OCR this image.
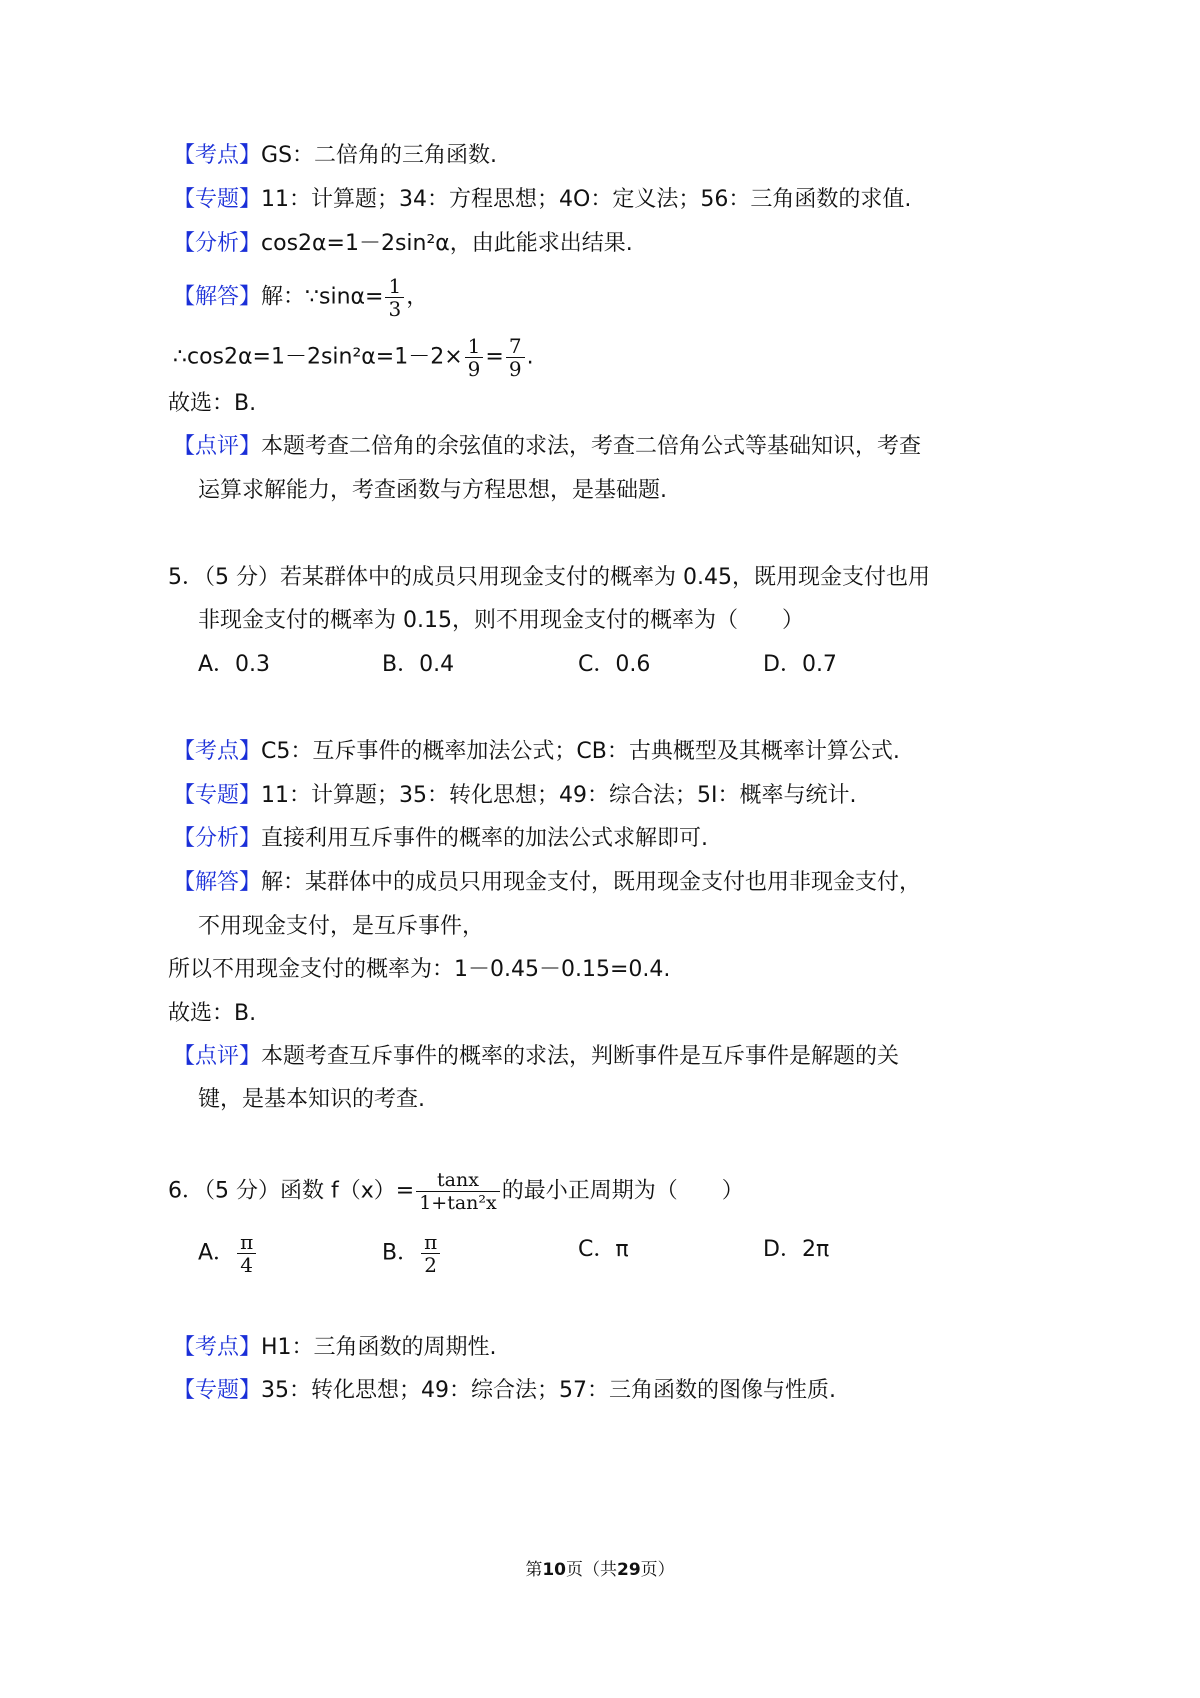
【考点】GS：二倍角的三角函数.
【专题】11：计算题；34：方程思想；4O：定义法；56：三角函数的求值.
【分析】cos2α=1－2sin²α，由此能求出结果.
【解答】解：∵sinα= $\frac{1}{3}$ ，
∴cos2α=1－2sin²α=1－2× $\frac{1}{9} = \frac{7}{9}$ .
故选：B.
【点评】本题考查二倍角的余弦值的求法，考查二倍角公式等基础知识，考查
运算求解能力，考查函数与方程思想，是基础题.
5．（5 分）若某群体中的成员只用现金支付的概率为 0.45，既用现金支付也用
非现金支付的概率为 0.15，则不用现金支付的概率为（　　）
A．0.3	B．0.4	C．0.6	D．0.7
【考点】C5：互斥事件的概率加法公式；CB：古典概型及其概率计算公式.
【专题】11：计算题；35：转化思想；49：综合法；5I：概率与统计.
【分析】直接利用互斥事件的概率的加法公式求解即可.
【解答】解：某群体中的成员只用现金支付，既用现金支付也用非现金支付，
不用现金支付，是互斥事件，
所以不用现金支付的概率为：1－0.45－0.15=0.4.
故选：B.
【点评】本题考查互斥事件的概率的求法，判断事件是互斥事件是解题的关
键，是基本知识的考查.
6．（5 分）函数 $f(x)= \frac{\tan x}{\text{1+tan²x}}$ 的最小正周期为（　　）
A． $\frac{\pi}{4}$	B． $\frac{\pi}{2}$	C．π	D．2π
【考点】H1：三角函数的周期性.
【专题】35：转化思想；49：综合法；57：三角函数的图像与性质.
第10页（共29页）
